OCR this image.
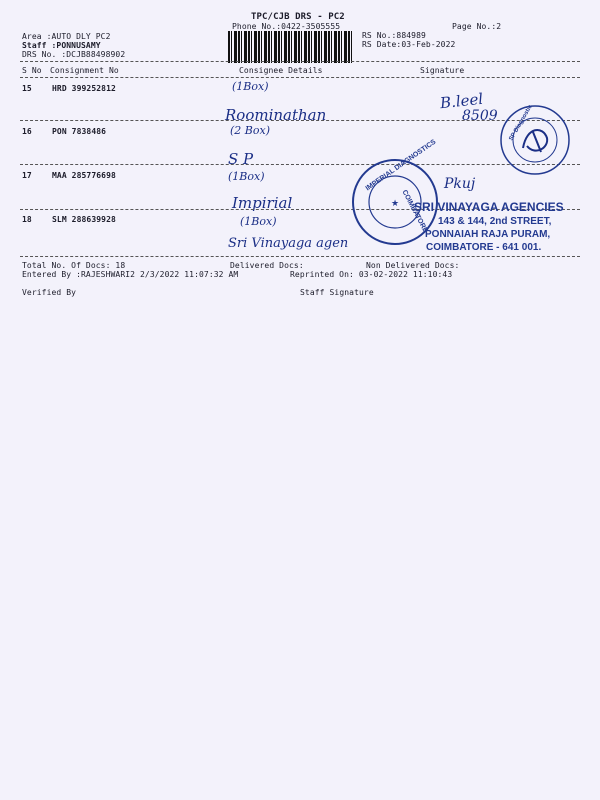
TPC/CJB DRS - PC2
Phone No.:0422-3505555	Page No.:2
Area :AUTO DLY PC2
Staff :PONNUSAMY
DRS No. :DCJB88498902
RS No.:884989
RS Date:03-Feb-2022
S No Consignment No	Consignee Details	Signature
15	HRD 399252812	(1Box)
Roominathan
16	PON 7838486	(2 Box)
S P
17	MAA 285776698	(1Box)
Impirial
18	SLM 288639928	(1Box)
Sri Vinayaga agen
B.leel
8509
Pkuj
SP Diagnostic
★
IMPERIAL DIAGNOSTICS
COIMBATORE
SRI VINAYAGA AGENCIES
143 & 144, 2nd STREET,
PONNAIAH RAJA PURAM,
COIMBATORE - 641 001.
Total No. Of Docs: 18	Delivered Docs:	Non Delivered Docs:
Entered By :RAJESHWARI2 2/3/2022 11:07:32 AM	Reprinted On: 03-02-2022 11:10:43
Verified By	Staff Signature
